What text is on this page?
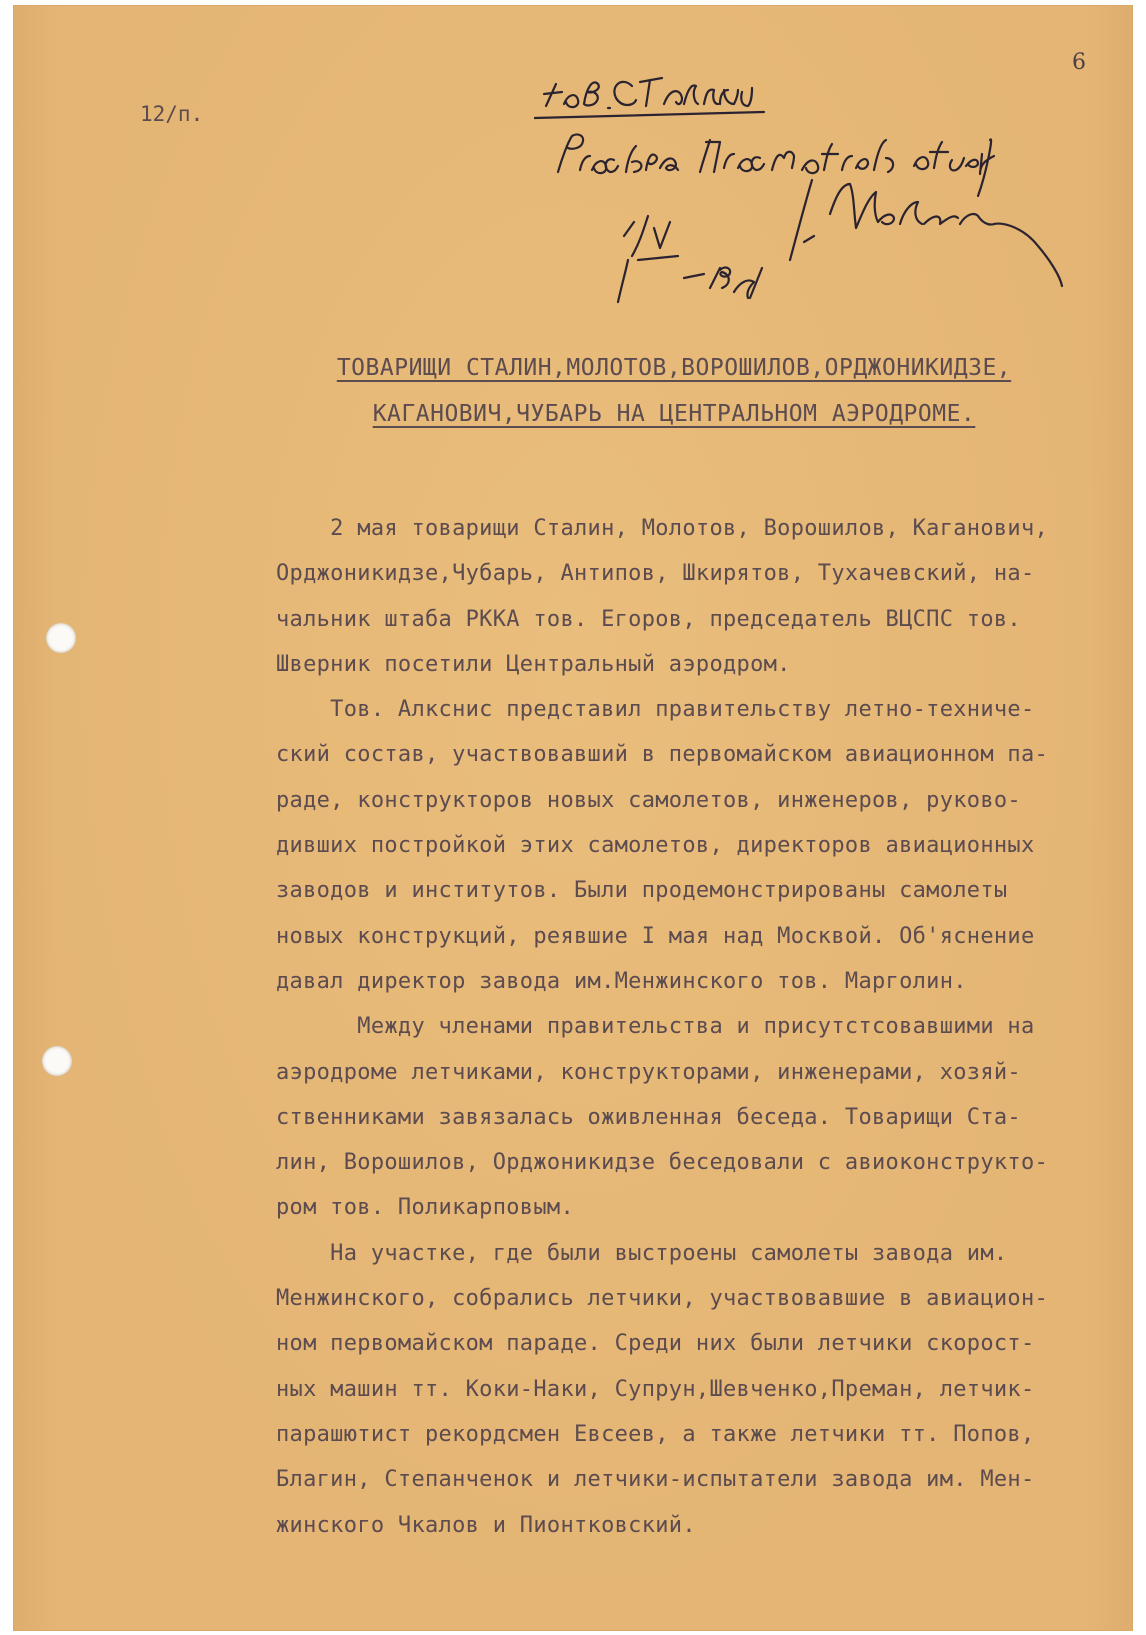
12/п.
6
ТОВАРИЩИ СТАЛИН,МОЛОТОВ,ВОРОШИЛОВ,ОРДЖОНИКИДЗЕ,
КАГАНОВИЧ,ЧУБАРЬ НА ЦЕНТРАЛЬНОМ АЭРОДРОМЕ.
2 мая товарищи Сталин, Молотов, Ворошилов, Каганович,
Орджоникидзе,Чубарь, Антипов, Шкирятов, Тухачевский, на-
чальник штаба РККА тов. Егоров, председатель ВЦСПС тов.
Шверник посетили Центральный аэродром.
Тов. Алкснис представил правительству летно-техниче-
ский состав, участвовавший в первомайском авиационном па-
раде, конструкторов новых самолетов, инженеров, руково-
дивших постройкой этих самолетов, директоров авиационных
заводов и институтов. Были продемонстрированы самолеты
новых конструкций, реявшие I мая над Москвой. Об'яснение
давал директор завода им.Менжинского тов. Марголин.
Между членами правительства и присутстсовавшими на
аэродроме летчиками, конструкторами, инженерами, хозяй-
ственниками завязалась оживленная беседа. Товарищи Ста-
лин, Ворошилов, Орджоникидзе беседовали с авиоконструкто-
ром тов. Поликарповым.
На участке, где были выстроены самолеты завода им.
Менжинского, собрались летчики, участвовавшие в авиацион-
ном первомайском параде. Среди них были летчики скорост-
ных машин тт. Коки-Наки, Супрун,Шевченко,Преман, летчик-
парашютист рекордсмен Евсеев, а также летчики тт. Попов,
Благин, Степанченок и летчики-испытатели завода им. Мен-
жинского Чкалов и Пионтковский.
